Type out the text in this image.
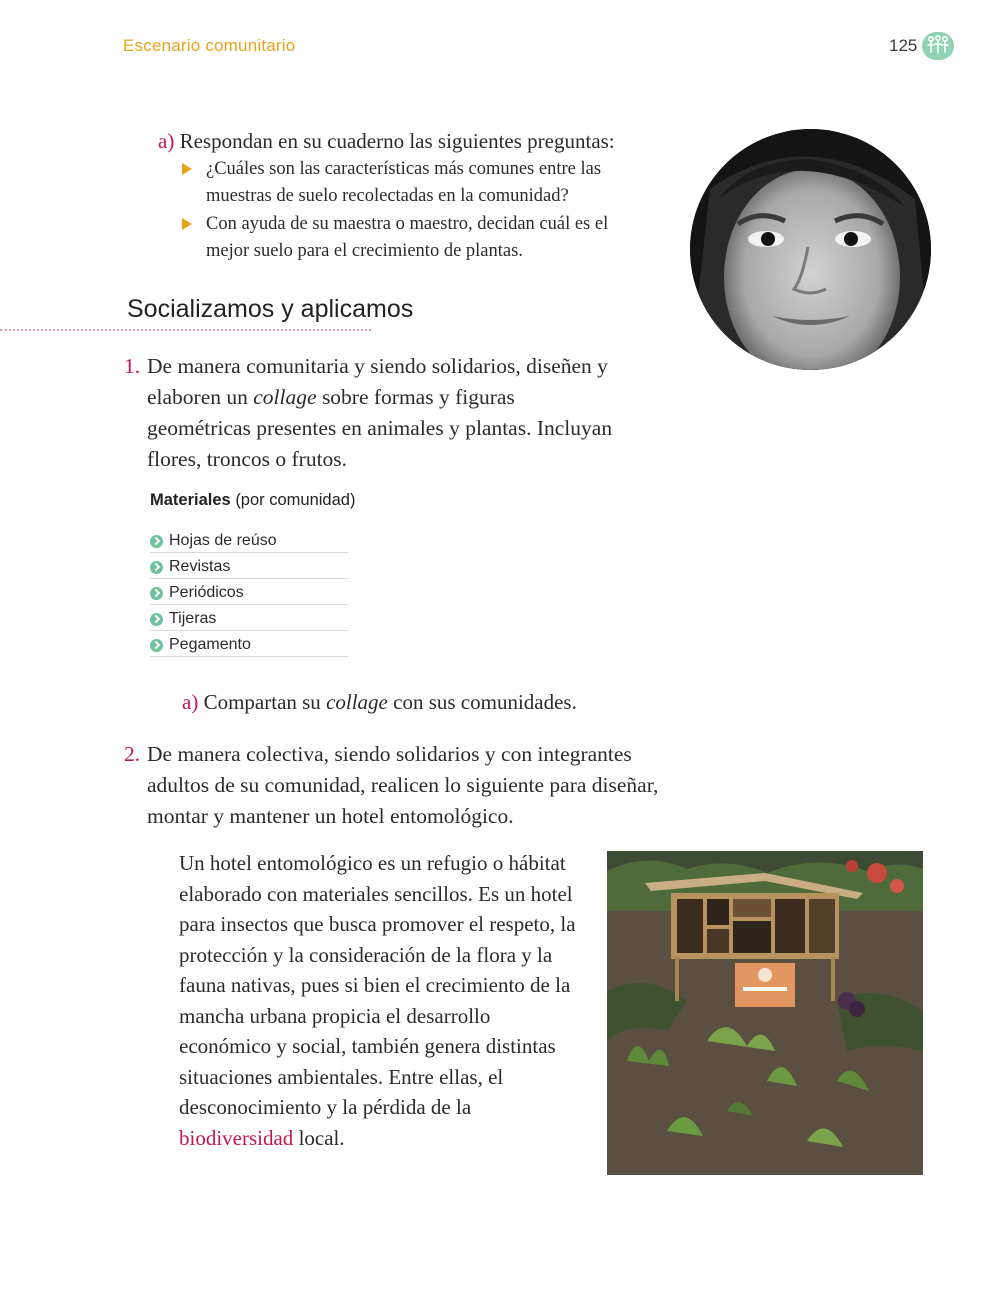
Escenario comunitario	125
a) Respondan en su cuaderno las siguientes preguntas:
¿Cuáles son las características más comunes entre las muestras de suelo recolectadas en la comunidad?
Con ayuda de su maestra o maestro, decidan cuál es el mejor suelo para el crecimiento de plantas.
Socializamos y aplicamos
1. De manera comunitaria y siendo solidarios, diseñen y elaboren un collage sobre formas y figuras geométricas presentes en animales y plantas. Incluyan flores, troncos o frutos.
Materiales (por comunidad)
Hojas de reúso
Revistas
Periódicos
Tijeras
Pegamento
a) Compartan su collage con sus comunidades.
2. De manera colectiva, siendo solidarios y con integrantes adultos de su comunidad, realicen lo siguiente para diseñar, montar y mantener un hotel entomológico.
Un hotel entomológico es un refugio o hábitat elaborado con materiales sencillos. Es un hotel para insectos que busca promover el respeto, la protección y la consideración de la flora y la fauna nativas, pues si bien el crecimiento de la mancha urbana propicia el desarrollo económico y social, también genera distintas situaciones ambientales. Entre ellas, el desconocimiento y la pérdida de la biodiversidad local.
